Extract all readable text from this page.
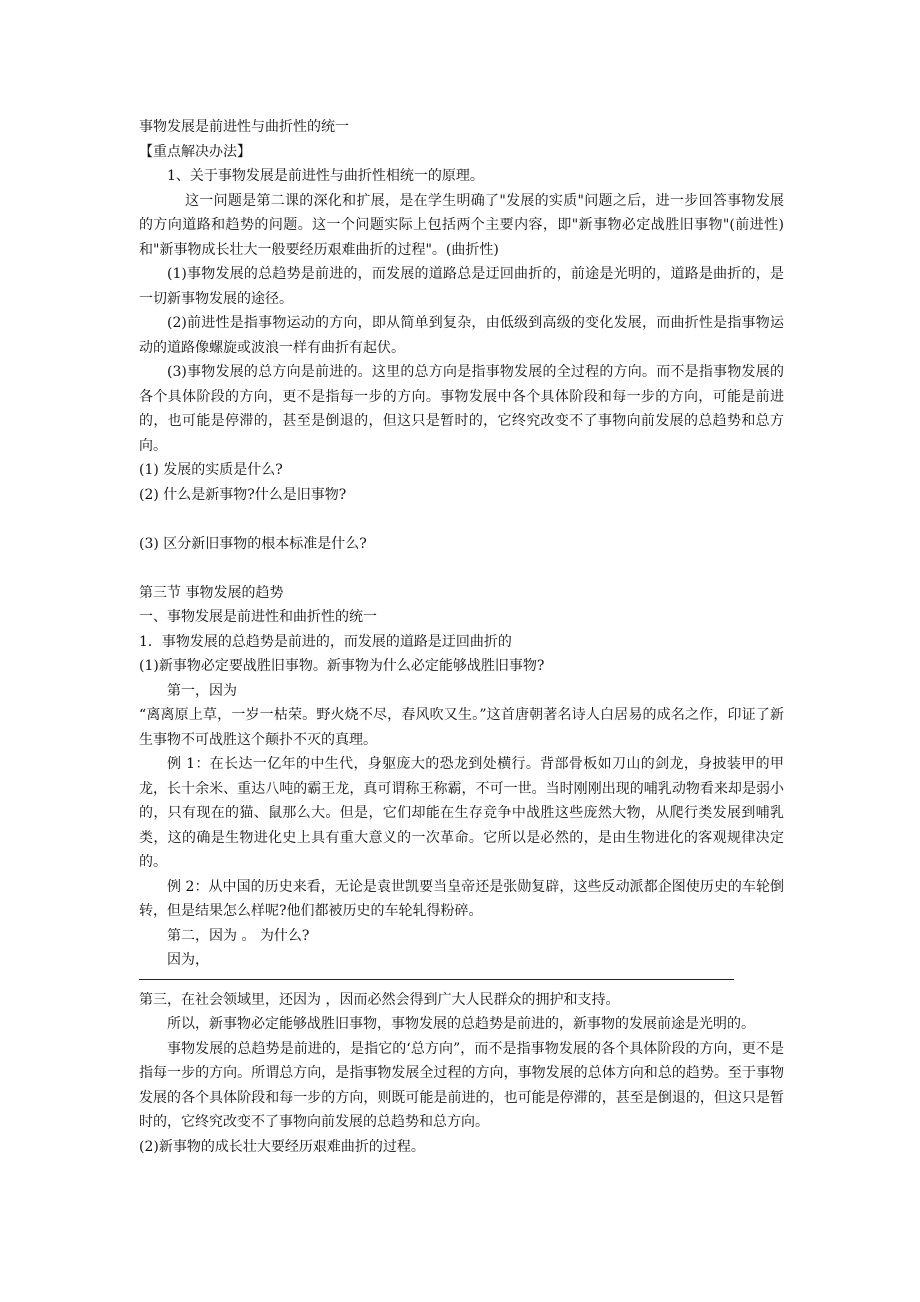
事物发展是前进性与曲折性的统一

【重点解决办法】

1、关于事物发展是前进性与曲折性相统一的原理。

这一问题是第二课的深化和扩展，是在学生明确了"发展的实质"问题之后，进一步回答事物发展的方向道路和趋势的问题。这一个问题实际上包括两个主要内容，即"新事物必定战胜旧事物"(前进性)和"新事物成长壮大一般要经历艰难曲折的过程"。(曲折性)

(1)事物发展的总趋势是前进的，而发展的道路总是迂回曲折的，前途是光明的，道路是曲折的，是一切新事物发展的途径。

(2)前进性是指事物运动的方向，即从简单到复杂，由低级到高级的变化发展，而曲折性是指事物运动的道路像螺旋或波浪一样有曲折有起伏。

(3)事物发展的总方向是前进的。这里的总方向是指事物发展的全过程的方向。而不是指事物发展的各个具体阶段的方向，更不是指每一步的方向。事物发展中各个具体阶段和每一步的方向，可能是前进的，也可能是停滞的，甚至是倒退的，但这只是暂时的，它终究改变不了事物向前发展的总趋势和总方向。

(1) 发展的实质是什么?

(2) 什么是新事物?什么是旧事物?

(3) 区分新旧事物的根本标准是什么?

第三节 事物发展的趋势

一、事物发展是前进性和曲折性的统一

1．事物发展的总趋势是前进的，而发展的道路是迂回曲折的

(1)新事物必定要战胜旧事物。新事物为什么必定能够战胜旧事物?

第一，因为

“离离原上草，一岁一枯荣。野火烧不尽，春风吹又生。”这首唐朝著名诗人白居易的成名之作，印证了新生事物不可战胜这个颠扑不灭的真理。

例 1：在长达一亿年的中生代，身躯庞大的恐龙到处横行。背部骨板如刀山的剑龙，身披装甲的甲龙，长十余米、重达八吨的霸王龙，真可谓称王称霸，不可一世。当时刚刚出现的哺乳动物看来却是弱小的，只有现在的猫、鼠那么大。但是，它们却能在生存竞争中战胜这些庞然大物，从爬行类发展到哺乳类，这的确是生物进化史上具有重大意义的一次革命。它所以是必然的，是由生物进化的客观规律决定的。

例 2：从中国的历史来看，无论是袁世凯要当皇帝还是张勋复辟，这些反动派都企图使历史的车轮倒转，但是结果怎么样呢?他们都被历史的车轮轧得粉碎。

第二，因为 。 为什么?

因为，

第三，在社会领域里，还因为 ，因而必然会得到广大人民群众的拥护和支持。

所以，新事物必定能够战胜旧事物，事物发展的总趋势是前进的，新事物的发展前途是光明的。

事物发展的总趋势是前进的，是指它的‘总方向”，而不是指事物发展的各个具体阶段的方向，更不是指每一步的方向。所谓总方向，是指事物发展全过程的方向，事物发展的总体方向和总的趋势。至于事物发展的各个具体阶段和每一步的方向，则既可能是前进的，也可能是停滞的，甚至是倒退的，但这只是暂时的，它终究改变不了事物向前发展的总趋势和总方向。

(2)新事物的成长壮大要经历艰难曲折的过程。
